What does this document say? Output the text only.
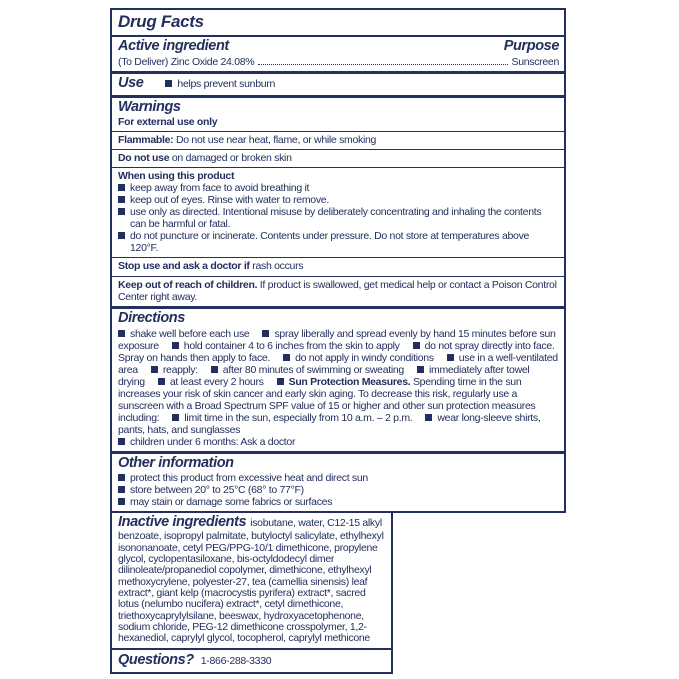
Drug Facts
Active ingredient	Purpose
(To Deliver) Zinc Oxide 24.08%	Sunscreen
Use	helps prevent sunburn
Warnings
For external use only
Flammable: Do not use near heat, flame, or while smoking
Do not use on damaged or broken skin
When using this product
keep away from face to avoid breathing it
keep out of eyes. Rinse with water to remove.
use only as directed. Intentional misuse by deliberately concentrating and inhaling the contents can be harmful or fatal.
do not puncture or incinerate. Contents under pressure. Do not store at temperatures above 120°F.
Stop use and ask a doctor if rash occurs
Keep out of reach of children. If product is swallowed, get medical help or contact a Poison Control Center right away.
Directions
shake well before each use spray liberally and spread evenly by hand 15 minutes before sun exposure hold container 4 to 6 inches from the skin to apply do not spray directly into face. Spray on hands then apply to face. do not apply in windy conditions use in a well-ventilated area reapply: after 80 minutes of swimming or sweating immediately after towel drying at least every 2 hours Sun Protection Measures. Spending time in the sun increases your risk of skin cancer and early skin aging. To decrease this risk, regularly use a sunscreen with a Broad Spectrum SPF value of 15 or higher and other sun protection measures including: limit time in the sun, especially from 10 a.m. – 2 p.m. wear long-sleeve shirts, pants, hats, and sunglasses
children under 6 months: Ask a doctor
Other information
protect this product from excessive heat and direct sun
store between 20° to 25°C (68° to 77°F)
may stain or damage some fabrics or surfaces
Inactive ingredients isobutane, water, C12-15 alkyl benzoate, isopropyl palmitate, butyloctyl salicylate, ethylhexyl isononanoate, cetyl PEG/PPG-10/1 dimethicone, propylene glycol, cyclopentasiloxane, bis-octyldodecyl dimer dilinoleate/propanediol copolymer, dimethicone, ethylhexyl methoxycrylene, polyester-27, tea (camellia sinensis) leaf extract*, giant kelp (macrocystis pyrifera) extract*, sacred lotus (nelumbo nucifera) extract*, cetyl dimethicone, triethoxycaprylylsilane, beeswax, hydroxyacetophenone, sodium chloride, PEG-12 dimethicone crosspolymer, 1,2-hexanediol, caprylyl glycol, tocopherol, caprylyl methicone
Questions? 1-866-288-3330
